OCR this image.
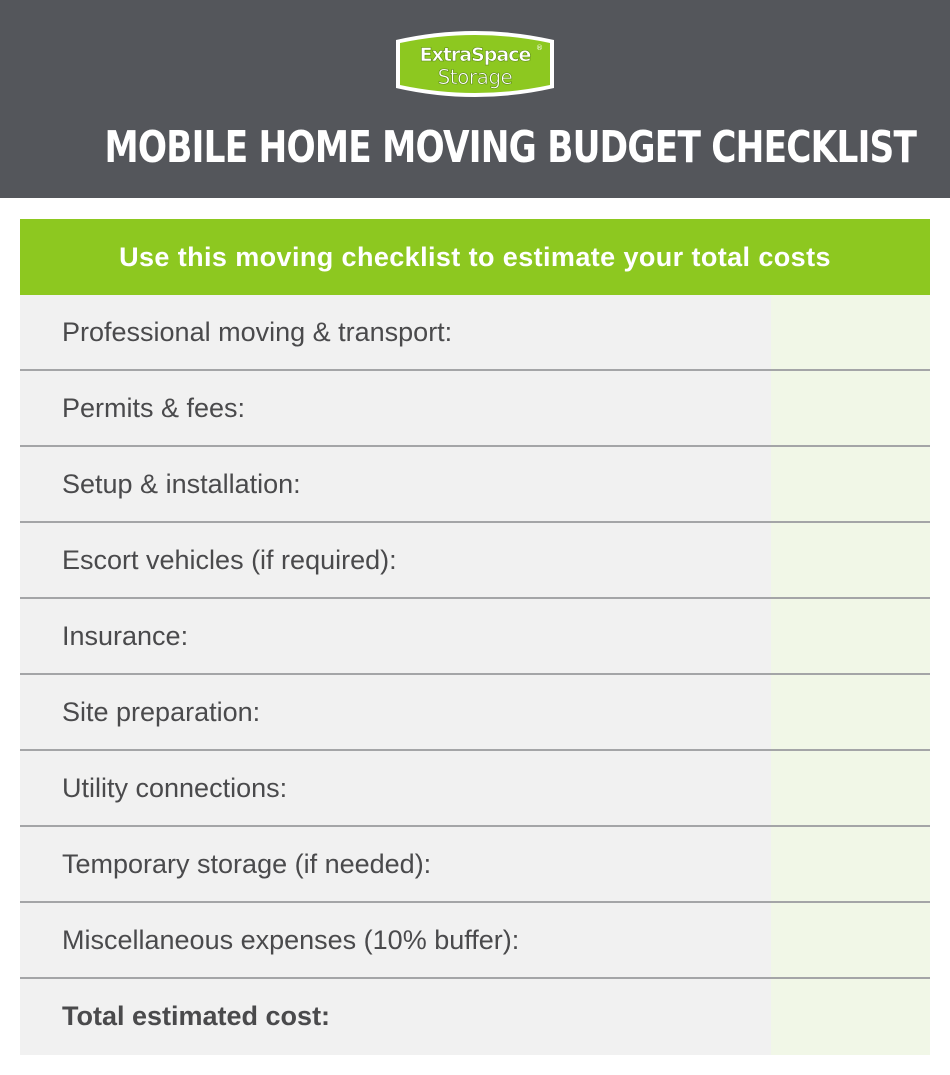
ExtraSpace ®
Storage
MOBILE HOME MOVING BUDGET CHECKLIST
Use this moving checklist to estimate your total costs
Professional moving & transport:
Permits & fees:
Setup & installation:
Escort vehicles (if required):
Insurance:
Site preparation:
Utility connections:
Temporary storage (if needed):
Miscellaneous expenses (10% buffer):
Total estimated cost:
